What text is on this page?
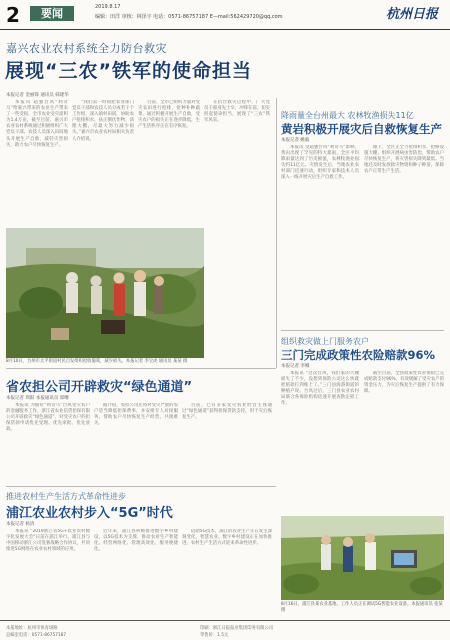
2	要闻	2019.8.17
编辑：田洋 审核：林泽宇 电话：0571-86757187 E—mail:562429720@qq.com	杭州日报
嘉兴农业农村系统全力防台救灾
展现“三农”铁军的使命担当
本报记者 金丽锋 通讯员 韩建华

本报讯 超强台风“利奇马”给嘉兴带来的农业生产带来了一些受损，全市农业受灾面积为1.4万亩，截至目前，嘉兴市农业农村系统通过积极组织广大党员干部、农技人员深入田间地头开展生产自救，减轻灾害损失，助力农户尽快恢复生产。

“我们第一时间把农业部门党员干部和农技人员分成若干个工作组，深入镇村田间，协助农户抢排积水、扶正倒伏作物、清理大棚，尽最大努力减少损失。”嘉兴市农业农村局相关负责人介绍说。

目前，全市已组织力量对受灾农田进行抢排，抢种补种蔬菜，通过积极开展生产自救，受灾农户的损失正在逐步降低，生产生活秩序正在有序恢复。

在抗台救灾过程中，广大党员干部身先士卒，冲锋在前，切实担起使命担当，展现了“三农”铁军风采。

8月10日，台州市太平街道村民自发组织抢收葡萄，减少损失。本报记者 李宝虎 通讯员 某某 摄
降雨量全台州最大 农林牧渔损失11亿
黄岩积极开展灾后自救恢复生产
本报记者 姚毅

本报讯 受超强台风“利奇马”影响，黄岩出现了罕见的特大暴雨，全区平均降雨量达到了历史极值，农林牧渔业损失约11亿元。灾情发生后，当地农业农村部门迅速行动，组织专家和技术人员深入一线开展灾后生产自救工作。

眼下，全区正全力抢排积水，抢修设施大棚，组织开展病虫害防治，帮助农户尽快恢复生产，将灾害损失降到最低。当地还及时发放救灾物资和种子种苗，保障农户正常生产生活。

组织救灾做上门服务农户
三门完成政策性农险赔款96%
本报记者 李娜

本报讯 “这次台风，我们家的大棚损失了不少，没想到保险公司这么快就把赔款打到账上了。”三门县海游街道的种植户说。台风过后，三门县农业农村局联合各保险机构迅速开展查勘定损工作。

截至目前，全县政策性农业保险已完成赔款支付96%，有效缓解了受灾农户的资金压力，为灾后恢复生产提供了有力保障。

省农担公司开辟救灾“绿色通道”
本报记者 周阳 本报通讯员 郑曙

本报讯 为做好“利奇马”台风受灾农户的金融服务工作，浙江省农业信贷担保有限公司开辟救灾“绿色通道”，对受灾农户的担保贷款申请优先受理、优先审批、优先放款。

据介绍，农担公司还将对受灾严重的农户适当降低担保费率，并安排专人对接服务，帮助农户尽快恢复生产经营，共渡难关。

目前，已有多家受灾农业经营主体通过“绿色通道”获得担保贷款支持，用于灾后恢复生产。

推进农村生产生活方式革命性进步
浦江农业农村步入“5G”时代
本报记者 杨清

本报讯 “2019浙江省5G+农业农村数字化发展大会”日前在浦江举行。浦江县与中国移动浙江公司签署战略合作协议，共同推进5G网络在农业农村领域的应用。

近年来，浦江县积极推进数字乡村建设，以5G技术为支撑，推动农业生产智能化、经营网络化、管理高效化、服务便捷化。

借助5G技术，浦江的农业生产正在发生深刻变化，智慧农业、数字乡村建设正在加快推进，农村生产生活方式迎来革命性进步。

8月16日，浦江县某农业基地，工作人员正在调试5G智能农业设备。本报通讯员 张某 摄
本报地址：杭州市体育场路
总编室电话：0571-86757187
印刷：浙江日报报业集团印务有限公司
零售价：1.5元
